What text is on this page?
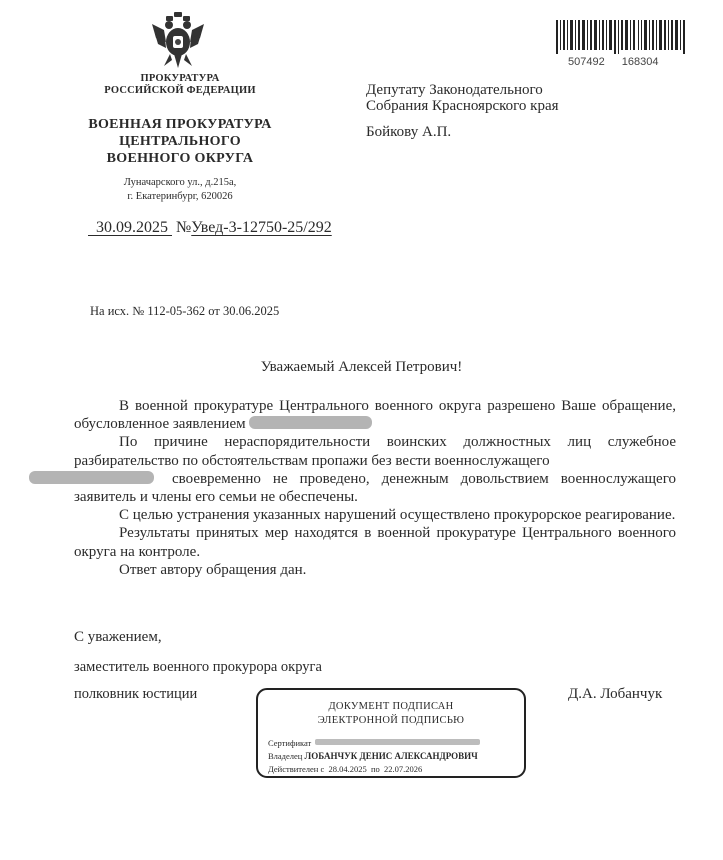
ПРОКУРАТУРА
РОССИЙСКОЙ ФЕДЕРАЦИИ
ВОЕННАЯ ПРОКУРАТУРА
ЦЕНТРАЛЬНОГО
ВОЕННОГО ОКРУГА
Луначарского ул., д.215а,
г. Екатеринбург, 620026
30.09.2025 №Увед-3-12750-25/292
507492 168304
Депутату Законодательного
Собрания Красноярского края
Бойкову А.П.
На исх. № 112-05-362 от 30.06.2025
Уважаемый Алексей Петрович!

В военной прокуратуре Центрального военного округа разрешено Ваше обращение, обусловленное заявлением

По причине нераспорядительности воинских должностных лиц служебное разбирательство по обстоятельствам пропажи без вести военнослужащего
своевременно не проведено, денежным довольствием военнослужащего заявитель и члены его семьи не обеспечены.

С целью устранения указанных нарушений осуществлено прокурорское реагирование.

Результаты принятых мер находятся в военной прокуратуре Центрального военного округа на контроле.

Ответ автору обращения дан.

С уважением,
заместитель военного прокурора округа
полковник юстиции	Д.А. Лобанчук
ДОКУМЕНТ ПОДПИСАН
ЭЛЕКТРОННОЙ ПОДПИСЬЮ
Сертификат
Владелец ЛОБАНЧУК ДЕНИС АЛЕКСАНДРОВИЧ
Действителен с 28.04.2025 по 22.07.2026
